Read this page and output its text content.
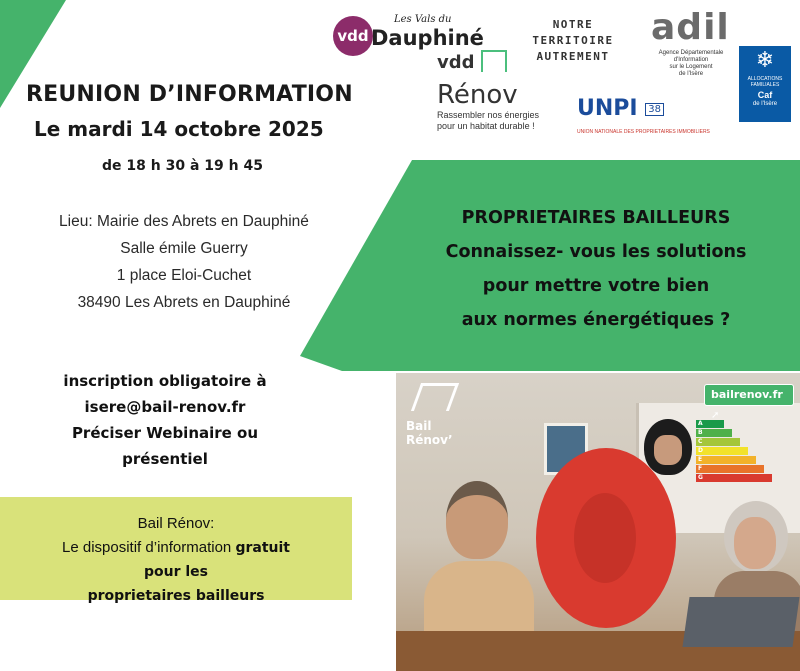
vdd
Les Vals du
Dauphiné
NOTRE TERRITOIRE
AUTREMENT
adil
Agence Départementale
d'Information
sur le Logement
de l'Isère
❄
ALLOCATIONS FAMILIALES
Caf
de l'Isère
vdd
Rénov
Rassembler nos énergies
pour un habitat durable !
UNPI 38
UNION NATIONALE DES PROPRIETAIRES IMMOBILIERS
REUNION D’INFORMATION
Le mardi 14 octobre 2025
de 18 h 30 à 19 h 45
Lieu: Mairie des Abrets en Dauphiné
Salle émile Guerry
1 place Eloi-Cuchet
38490 Les Abrets en Dauphiné
PROPRIETAIRES BAILLEURS
Connaissez- vous les solutions
pour mettre votre bien
aux normes énergétiques ?
inscription obligatoire à
isere@bail-renov.fr
Préciser Webinaire ou
présentiel
Bail Rénov:
Le dispositif d’information gratuit
pour les
proprietaires bailleurs
A
B
C
D
E
F
G
Bail
Rénov’
bailrenov.fr ➚
